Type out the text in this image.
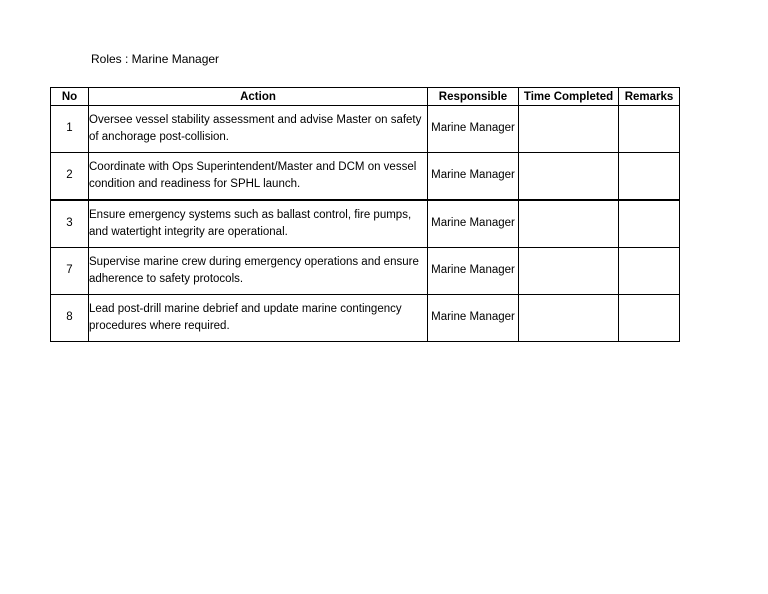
Roles : Marine Manager
No	Action	Responsible	Time Completed	Remarks
1	Oversee vessel stability assessment and advise Master on safety of anchorage post-collision.	Marine Manager		
2	Coordinate with Ops Superintendent/Master and DCM on vessel condition and readiness for SPHL launch.	Marine Manager		
3	Ensure emergency systems such as ballast control, fire pumps, and watertight integrity are operational.	Marine Manager		
7	Supervise marine crew during emergency operations and ensure adherence to safety protocols.	Marine Manager		
8	Lead post-drill marine debrief and update marine contingency procedures where required.	Marine Manager		
